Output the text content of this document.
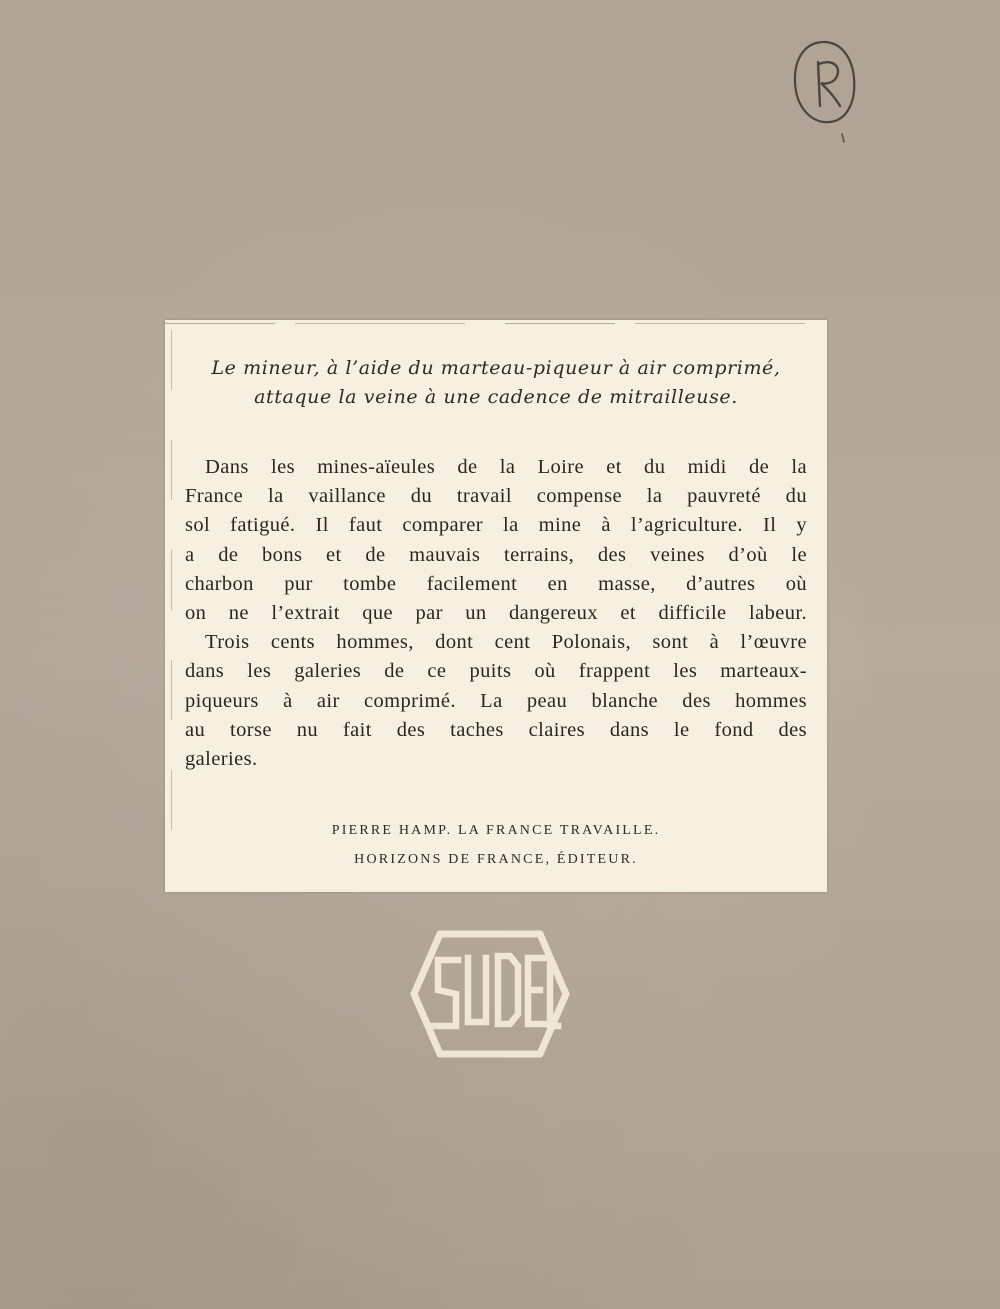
Le mineur, à l’aide du marteau-piqueur à air comprimé,
attaque la veine à une cadence de mitrailleuse.
Dans les mines-aïeules de la Loire et du midi de la
France la vaillance du travail compense la pauvreté du
sol fatigué. Il faut comparer la mine à l’agriculture. Il y
a de bons et de mauvais terrains, des veines d’où le
charbon pur tombe facilement en masse, d’autres où
on ne l’extrait que par un dangereux et difficile labeur.
Trois cents hommes, dont cent Polonais, sont à l’œuvre
dans les galeries de ce puits où frappent les marteaux-
piqueurs à air comprimé. La peau blanche des hommes
au torse nu fait des taches claires dans le fond des
galeries.
PIERRE HAMP. LA FRANCE TRAVAILLE.
HORIZONS DE FRANCE, ÉDITEUR.
